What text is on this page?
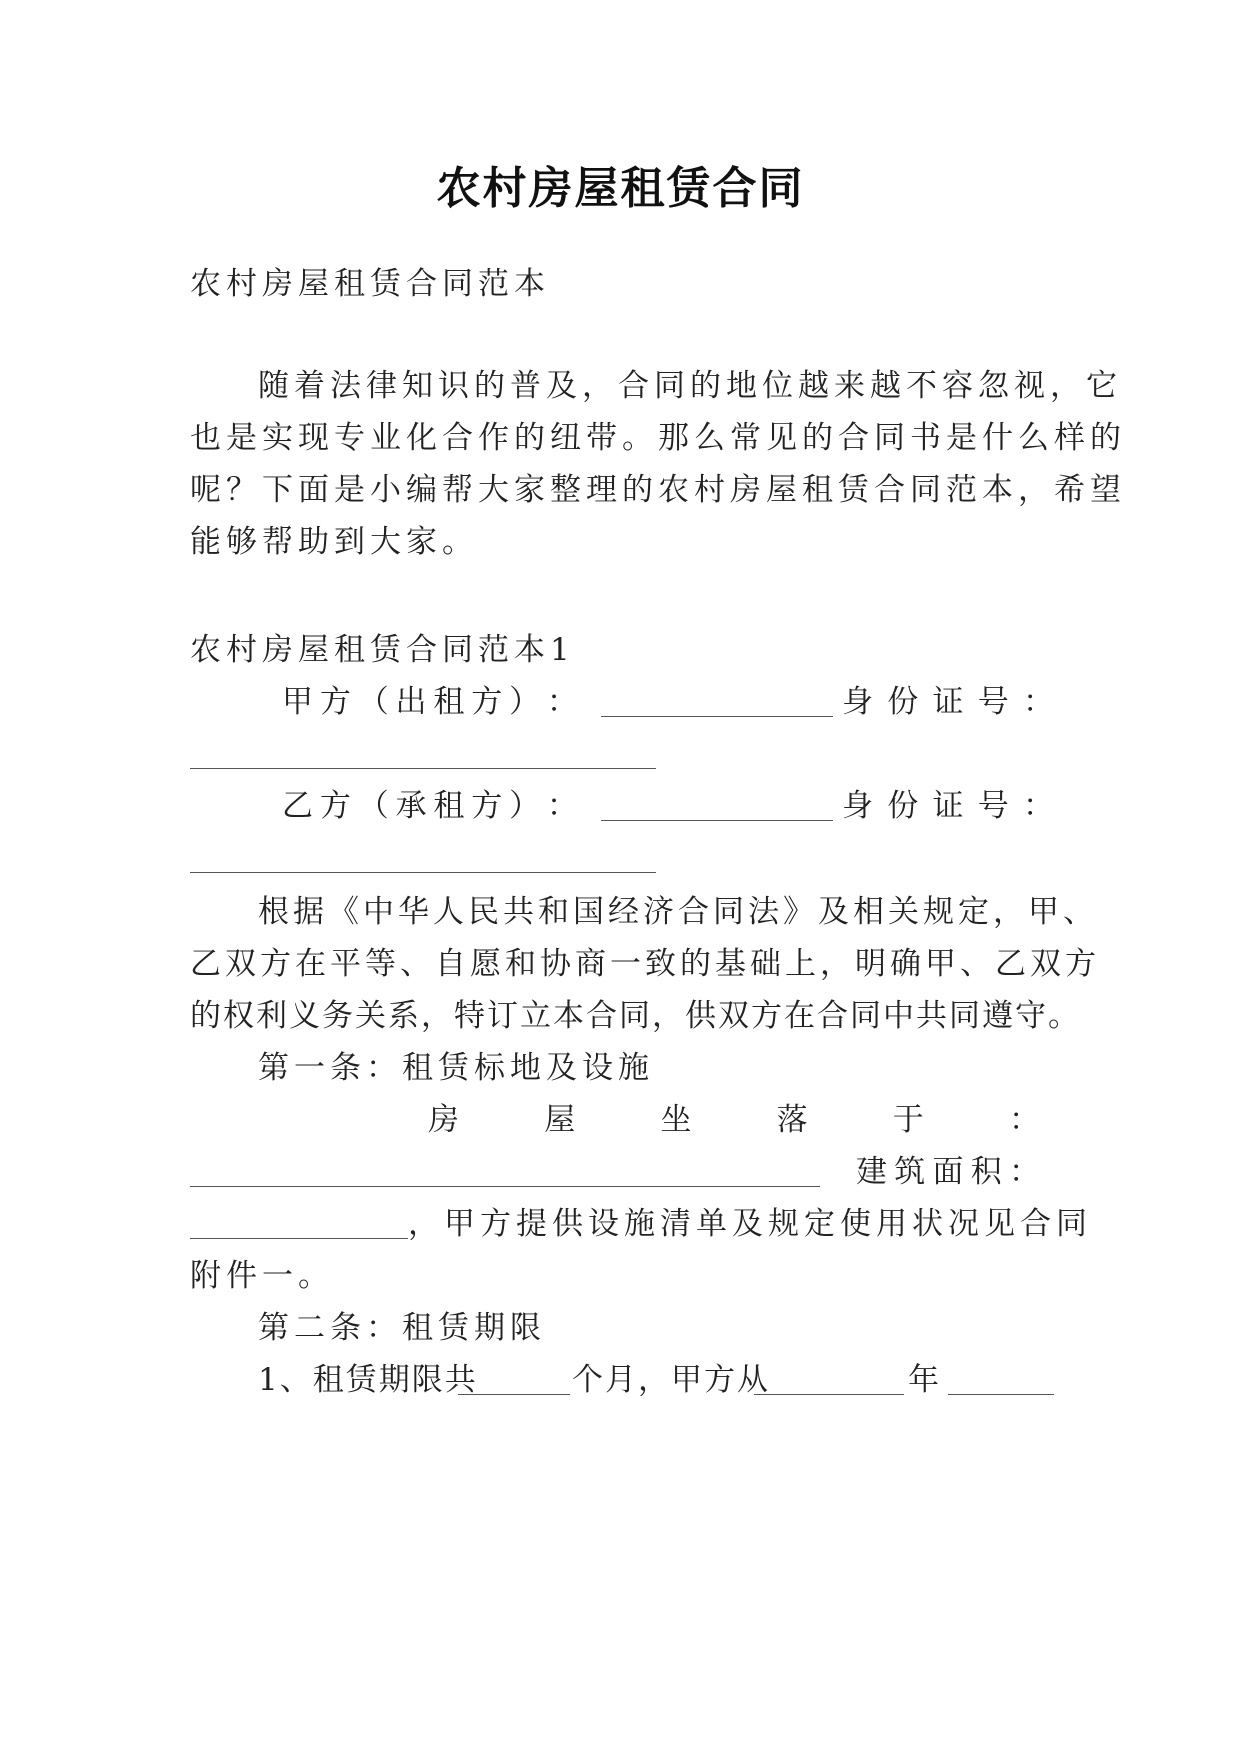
农村房屋租赁合同
农村房屋租赁合同范本
随着法律知识的普及，合同的地位越来越不容忽视，它
也是实现专业化合作的纽带。那么常见的合同书是什么样的
呢？下面是小编帮大家整理的农村房屋租赁合同范本，希望
能够帮助到大家。
农村房屋租赁合同范本1
甲 方 （ 出 租 方 ） ：	身 份 证 号 ：
乙 方 （ 承 租 方 ） ：	身 份 证 号 ：
根据《中华人民共和国经济合同法》及相关规定，甲、
乙双方在平等、自愿和协商一致的基础上，明确甲、乙双方
的权利义务关系，特订立本合同，供双方在合同中共同遵守。
第一条：租赁标地及设施
房	屋	坐	落	于	：
建 筑 面 积 ：
，甲方提供设施清单及规定使用状况见合同
附件一。
第二条：租赁期限
1、租赁期限共	个月，甲方从	年
